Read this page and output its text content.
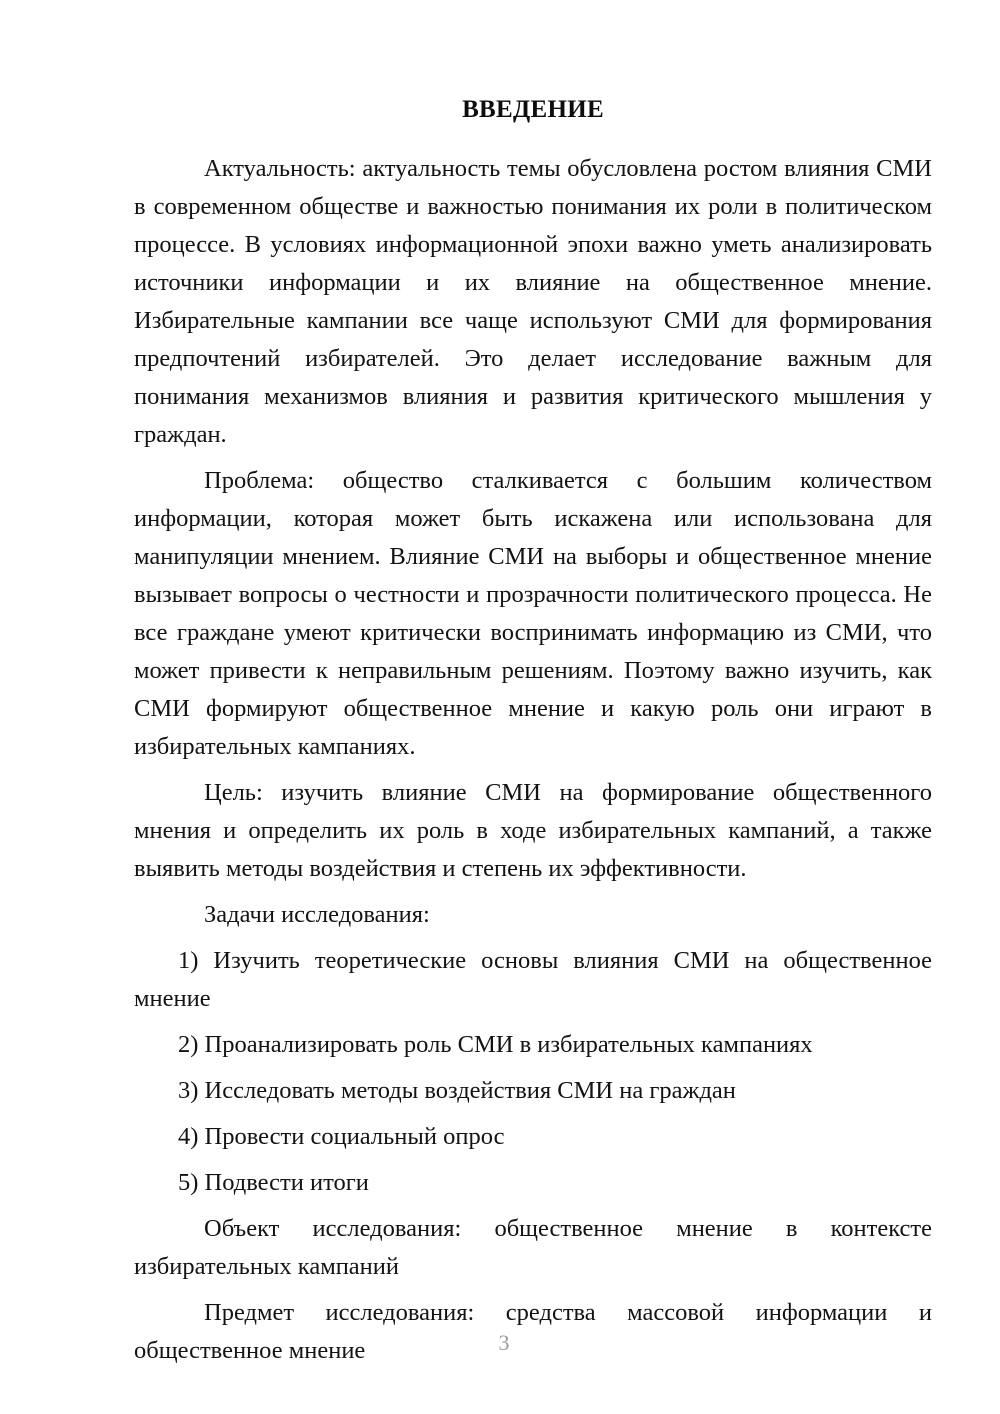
ВВЕДЕНИЕ

Актуальность: актуальность темы обусловлена ростом влияния СМИ в современном обществе и важностью понимания их роли в политическом процессе. В условиях информационной эпохи важно уметь анализировать источники информации и их влияние на общественное мнение. Избирательные кампании все чаще используют СМИ для формирования предпочтений избирателей. Это делает исследование важным для понимания механизмов влияния и развития критического мышления у граждан.

Проблема: общество сталкивается с большим количеством информации, которая может быть искажена или использована для манипуляции мнением. Влияние СМИ на выборы и общественное мнение вызывает вопросы о честности и прозрачности политического процесса. Не все граждане умеют критически воспринимать информацию из СМИ, что может привести к неправильным решениям. Поэтому важно изучить, как СМИ формируют общественное мнение и какую роль они играют в избирательных кампаниях.

Цель: изучить влияние СМИ на формирование общественного мнения и определить их роль в ходе избирательных кампаний, а также выявить методы воздействия и степень их эффективности.

Задачи исследования:

1) Изучить теоретические основы влияния СМИ на общественное мнение

2) Проанализировать роль СМИ в избирательных кампаниях

3) Исследовать методы воздействия СМИ на граждан

4) Провести социальный опрос

5) Подвести итоги

Объект исследования: общественное мнение в контексте избирательных кампаний

Предмет исследования: средства массовой информации и общественное мнение	3
